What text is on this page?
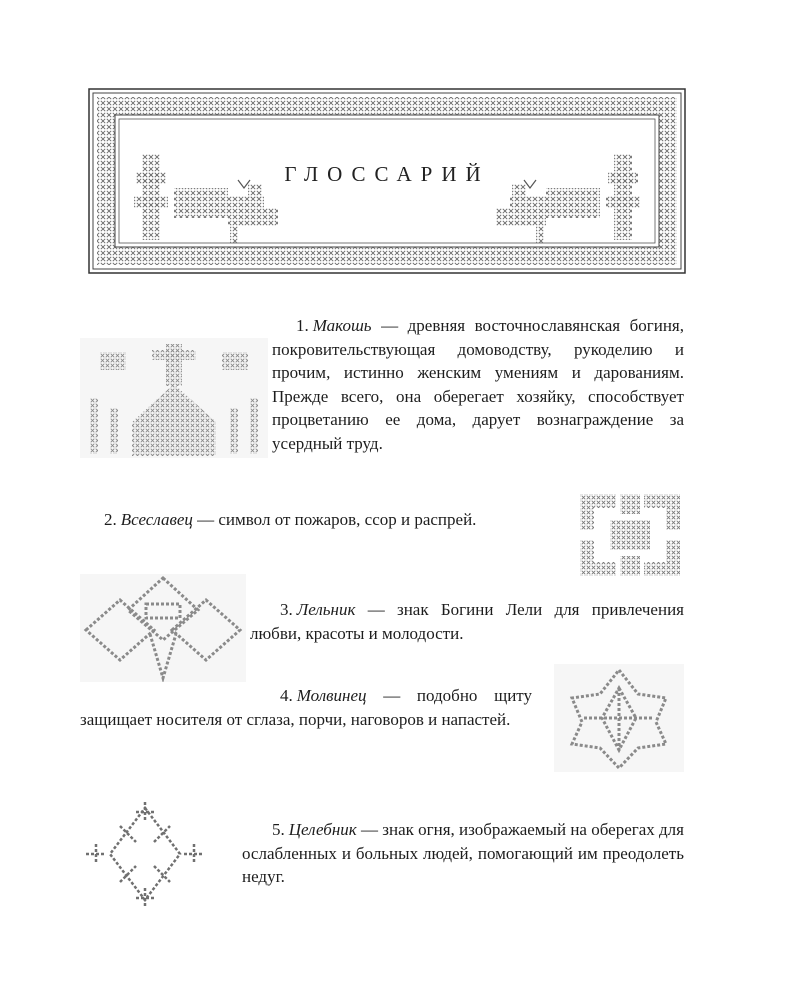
ГЛОССАРИЙ
1. Макошь — древняя восточнославянская богиня, покровительствующая домоводству, рукоделию и прочим, истинно женским умениям и дарованиям. Прежде всего, она оберегает хозяйку, способствует процветанию ее дома, дарует вознаграждение за усердный труд.
2. Всеславец — символ от пожаров, ссор и распрей.
3. Лельник — знак Богини Лели для привлечения любви, красоты и молодости.
4. Молвинец — подобно щиту защищает носителя от сглаза, порчи, наговоров и напастей.
5. Целебник — знак огня, изображаемый на оберегах для ослабленных и больных людей, помогающий им преодолеть недуг.
